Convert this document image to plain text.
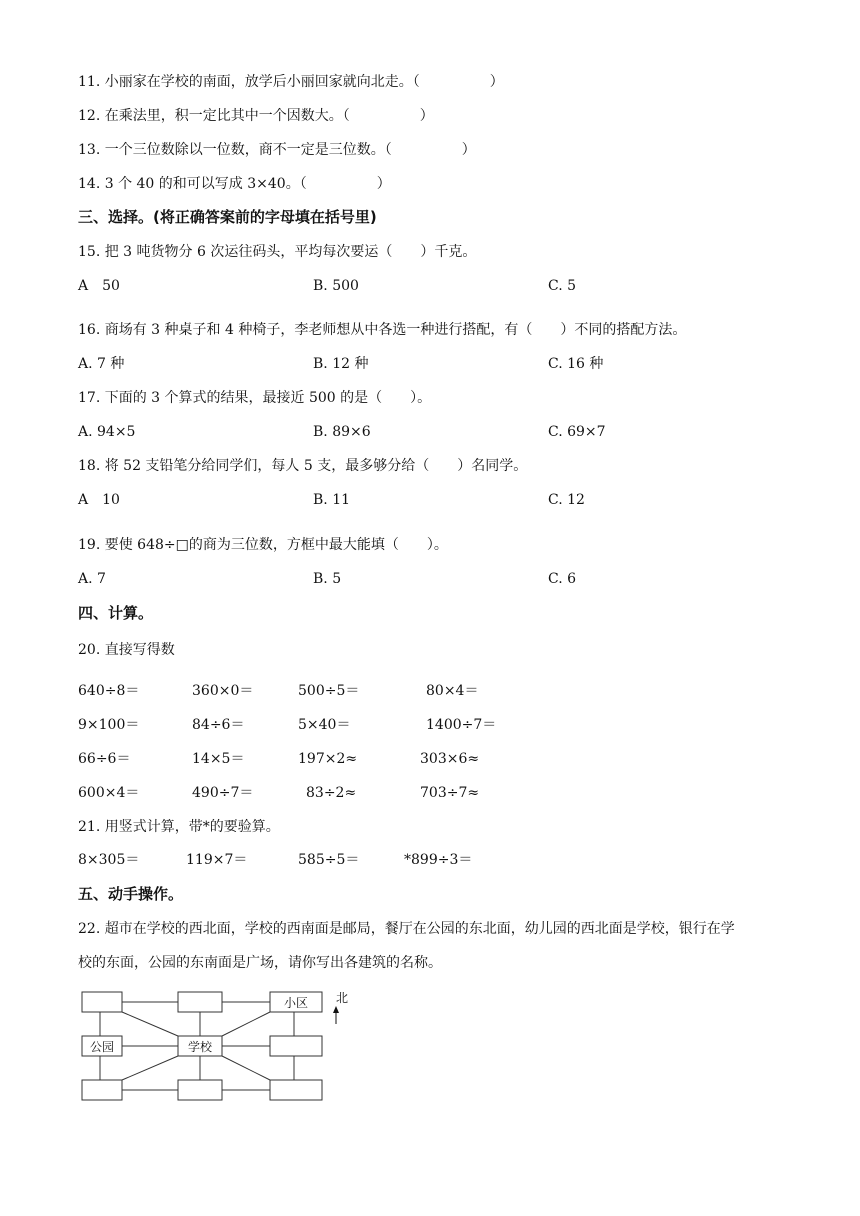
11. 小丽家在学校的南面，放学后小丽回家就向北走。（　　　　　）
12. 在乘法里，积一定比其中一个因数大。（　　　　　）
13. 一个三位数除以一位数，商不一定是三位数。（　　　　　）
14. 3 个 40 的和可以写成 3×40。（　　　　　）
三、选择。(将正确答案前的字母填在括号里)
15. 把 3 吨货物分 6 次运往码头，平均每次要运（　　）千克。
A　50	B. 500	C. 5
16. 商场有 3 种桌子和 4 种椅子，李老师想从中各选一种进行搭配，有（　　）不同的搭配方法。
A. 7 种	B. 12 种	C. 16 种
17. 下面的 3 个算式的结果，最接近 500 的是（　　）。
A. 94×5	B. 89×6	C. 69×7
18. 将 52 支铅笔分给同学们，每人 5 支，最多够分给（　　）名同学。
A　10	B. 11	C. 12
19. 要使 648÷□的商为三位数，方框中最大能填（　　）。
A. 7	B. 5	C. 6
四、计算。
20. 直接写得数
640÷8＝	360×0＝	500÷5＝	80×4＝
9×100＝	84÷6＝	5×40＝	1400÷7＝
66÷6＝	14×5＝	197×2≈	303×6≈
600×4＝	490÷7＝	83÷2≈	703÷7≈
21. 用竖式计算，带*的要验算。
8×305＝	119×7＝	585÷5＝	*899÷3＝
五、动手操作。
22. 超市在学校的西北面，学校的西南面是邮局，餐厅在公园的东北面，幼儿园的西北面是学校，银行在学
校的东面，公园的东南面是广场，请你写出各建筑的名称。
小区
公园	学校
北
